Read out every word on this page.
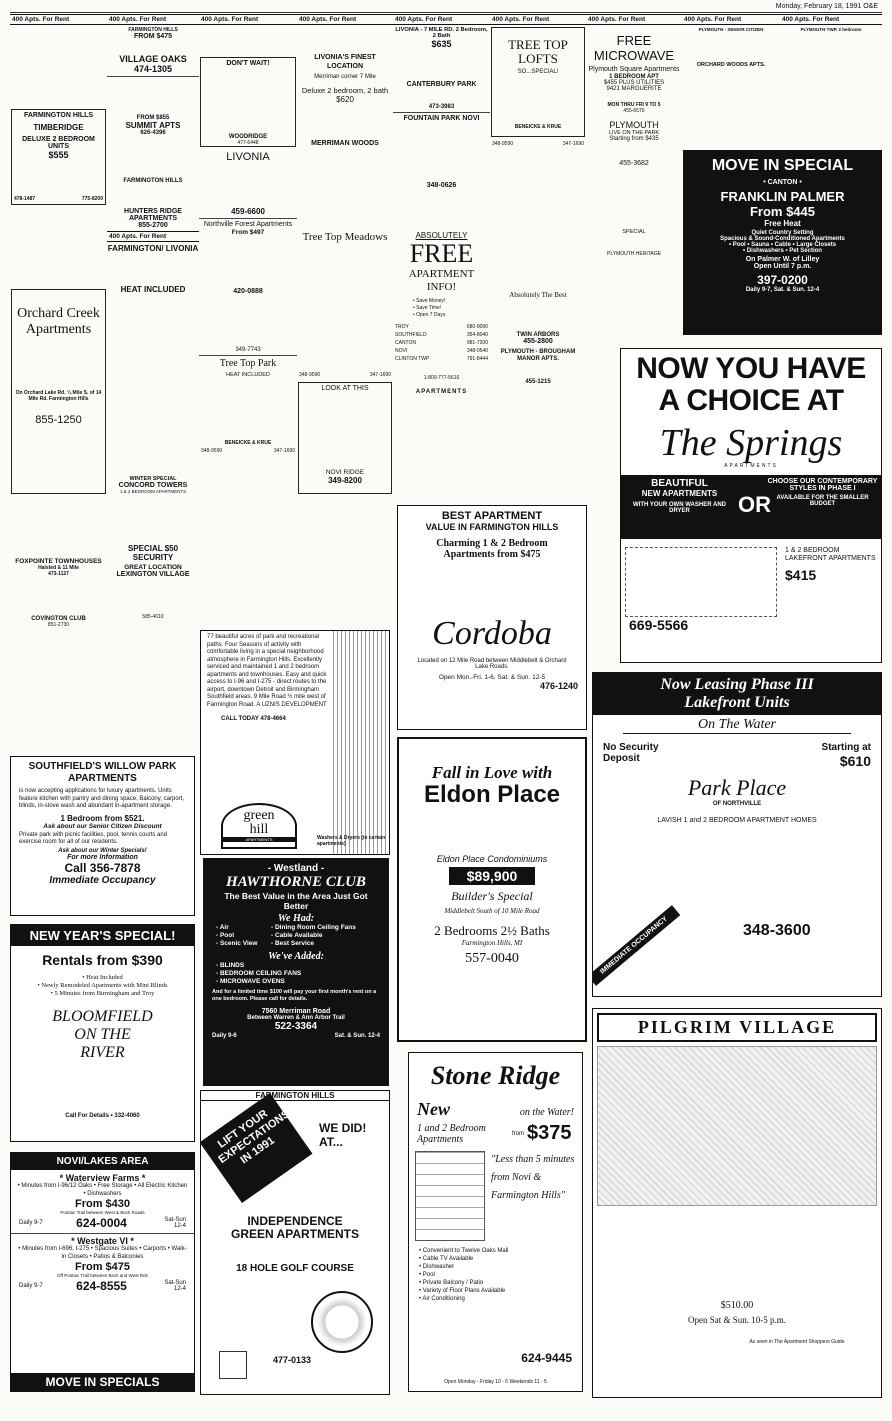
Monday, February 18, 1991 O&E
400 Apts. For Rent
FARMINGTON HILLS
TIMBERIDGE
DELUXE 2 BEDROOM UNITS
$555
478-1487	775-8200
Orchard Creek Apartments
On Orchard Lake Rd. ¼ Mile S. of 14 Mile Rd. Farmington Hills
855-1250
FOXPOINTE TOWNHOUSES
Halsted & 11 Mile
473-1127
COVINGTON CLUB
851-2730
400 Apts. For Rent
FARMINGTON HILLS
FROM $475
VILLAGE OAKS
474-1305
FROM $855
SUMMIT APTS
626-4396
FARMINGTON HILLS
HUNTERS RIDGE APARTMENTS
855-2700
400 Apts. For Rent
FARMINGTON/ LIVONIA
HEAT INCLUDED
WINTER SPECIAL
CONCORD TOWERS
1 & 2 BEDROOM APARTMENTS
SPECIAL $50 SECURITY
GREAT LOCATION
LEXINGTON VILLAGE
585-4010
400 Apts. For Rent
DON'T WAIT!
WOODRIDGE
477-6448
LIVONIA
459-6600
Northville Forest Apartments
From $497
420-0888
349-7743
Tree Top Park
HEAT INCLUDED
BENEICKE & KRUE
348-9590	347-1690
400 Apts. For Rent
LIVONIA'S FINEST LOCATION
Merriman corner 7 Mile
Deluxe 2 bedroom, 2 bath
$620
MERRIMAN WOODS
Tree Top Meadows
348-9590	347-1690
LOOK AT THIS
NOVI RIDGE
349-8200
400 Apts. For Rent
LIVONIA - 7 MILE RD. 2 Bedroom, 2 Bath
$635
CANTERBURY PARK
473-3983
FOUNTAIN PARK NOVI
348-0626
ABSOLUTELY
FREE
APARTMENT INFO!
• Save Money!
• Save Time!
• Open 7 Days
TROY	680-9090
SOUTHFIELD	354-8040
CANTON	981-7200
NOVI	348-0540
CLINTON TWP	791-8444
1-800-777-5616
APARTMENTS
400 Apts. For Rent
TREE TOP LOFTS
SO...SPECIAL!
BENEICKE & KRUE
348-9590	347-1690
Absolutely The Best
TWIN ARBORS
455-2800
PLYMOUTH - BROUGHAM MANOR APTS.
455-1215
400 Apts. For Rent
FREE MICROWAVE
Plymouth Square Apartments
1 BEDROOM APT
$455 PLUS UTILITIES
9421 MARGUERITE
MON THRU FRI 9 TO 5
455-6570
PLYMOUTH
LIVE ON THE PARK
Starting from $435
455-3682
SPECIAL
PLYMOUTH HERITAGE
400 Apts. For Rent
PLYMOUTH - SENIOR CITIZEN
ORCHARD WOODS APTS.
400 Apts. For Rent
PLYMOUTH TWP. 2 bedroom
MOVE IN SPECIAL
• CANTON •
FRANKLIN PALMER
From $445
Free Heat
Quiet Country Setting
Spacious & Sound-Conditioned Apartments
• Pool • Sauna • Cable • Large Closets
• Dishwashers • Pet Section
On Palmer W. of Lilley
Open Until 7 p.m.
397-0200
Daily 9-7, Sat. & Sun. 12-4
NOW YOU HAVE
A CHOICE AT
The Springs
APARTMENTS
BEAUTIFUL
NEW APARTMENTS
WITH YOUR OWN WASHER AND DRYER	OR
CHOOSE OUR CONTEMPORARY STYLES IN PHASE I
AVAILABLE FOR THE SMALLER BUDGET
1 & 2 BEDROOM LAKEFRONT APARTMENTS
$415
669-5566
Now Leasing Phase III
Lakefront Units
On The Water
No Security Deposit
Starting at
$610
Park Place
OF NORTHVILLE
LAVISH 1 and 2 BEDROOM APARTMENT HOMES
IMMEDIATE OCCUPANCY	348-3600
PILGRIM VILLAGE
$510.00
Open Sat & Sun. 10-5 p.m.
As seen in The Apartment Shoppers Guide
BEST APARTMENT
VALUE IN FARMINGTON HILLS
Charming 1 & 2 Bedroom
Apartments from $475
Cordoba
Located on 12 Mile Road between Middlebelt & Orchard Lake Roads.
Open Mon.-Fri. 1-6, Sat. & Sun. 12-5
476-1240
Fall in Love with
Eldon Place
Eldon Place Condominiums
$89,900
Builder's Special
Middlebelt South of 10 Mile Road
2 Bedrooms 2½ Baths
Farmington Hills, MI
557-0040
Stone Ridge
New	on the Water!
1 and 2 Bedroom Apartments	from $375
"Less than 5 minutes from Novi & Farmington Hills"
• Convenient to Twelve Oaks Mall
• Cable TV Available
• Dishwasher
• Pool
• Private Balcony / Patio
• Variety of Floor Plans Available
• Air Conditioning
624-9445
Open Monday - Friday 10 - 6 Weekends 11 - 5
77 beautiful acres of park and recreational paths. Four Seasons of activity with comfortable living in a special neighborhood atmosphere in Farmington Hills. Excellently serviced and maintained 1 and 2 bedroom apartments and townhouses. Easy and quick access to I-96 and I-275 - direct routes to the airport, downtown Detroit and Birmingham Southfield areas. 9 Mile Road ½ mile west of Farmington Road. A UZNIS DEVELOPMENT
CALL TODAY 478-4664
green
hill
APARTMENTS	Washers & Dryers (in certain apartments)
- Westland -
HAWTHORNE CLUB
The Best Value in the Area Just Got Better
We Had:
- Air	- Dining Room Ceiling Fans
- Pool	- Cable Available
- Scenic View	- Best Service
We've Added:
- BLINDS
- BEDROOM CEILING FANS
- MICROWAVE OVENS
And for a limited time $100 will pay your first month's rent on a one bedroom. Please call for details.
7560 Merriman Road
Between Warren & Ann Arbor Trail
522-3364
Daily 9-6	Sat. & Sun. 12-4
FARMINGTON HILLS
LIFT YOUR EXPECTATIONS IN 1991
WE DID! AT...
INDEPENDENCE GREEN APARTMENTS
18 HOLE GOLF COURSE
477-0133
SOUTHFIELD'S WILLOW PARK APARTMENTS
is now accepting applications for luxury apartments. Units feature kitchen with pantry and dining space, Balcony, carport, blinds, in-stove wash and abundant in-apartment storage.
1 Bedroom from $521.
Ask about our Senior Citizen Discount
Private park with picnic facilities, pool, tennis courts and exercise room for all of our residents.
Ask about our Winter Specials!
For more Information
Call 356-7878
Immediate Occupancy
NEW YEAR'S SPECIAL!
Rentals from $390
• Heat Included
• Newly Remodeled Apartments with Mini Blinds
• 5 Minutes from Birmingham and Troy
BLOOMFIELD ON THE RIVER
Call For Details • 332-4060
NOVI/LAKES AREA
* Waterview Farms *
• Minutes from I-96/12 Oaks • Free Storage • All Electric Kitchen • Dishwashers
From $430
Pontiac Trail between West & Beck Roads
Daily 9-7	624-0004	Sat-Sun 12-4
* Westgate VI *
• Minutes from I-696, I-275 • Spacious Suites • Carports • Walk-in Closets • Patios & Balconies
From $475
Off Pontiac Trail between Beck and West Rds
Daily 9-7	624-8555	Sat-Sun 12-4
MOVE IN SPECIALS
